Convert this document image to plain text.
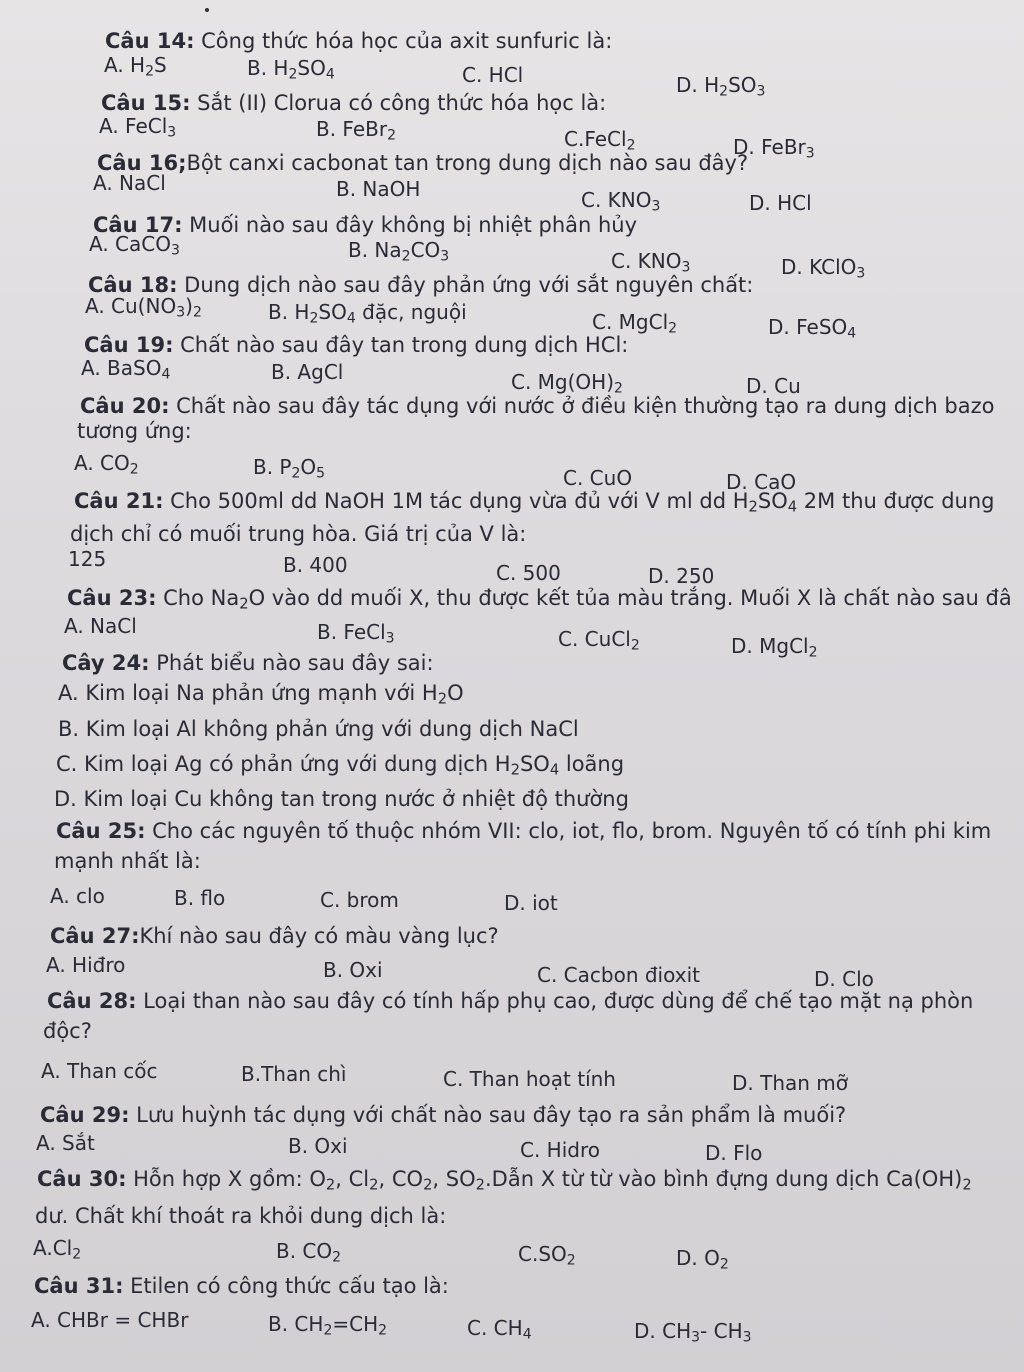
Câu 14: Công thức hóa học của axit sunfuric là:
A. $H_2S$	B. $H_2SO_4$	C. HCl	D. $H_2SO_3$
Câu 15: Sắt (II) Clorua có công thức hóa học là:
A. FeCl$_3$	B. FeBr$_2$	C.FeCl$_2$	D. FeBr$_3$
Câu 16;Bột canxi cacbonat tan trong dung dịch nào sau đây?
A. NaCl	B. NaOH	C. $KNO_3$	D. HCl
Câu 17: Muối nào sau đây không bị nhiệt phân hủy
A. CaCO$_3$	B. $Na_2CO_3$	C. $KNO_3$	D. KClO$_3$
Câu 18: Dung dịch nào sau đây phản ứng với sắt nguyên chất:
A. $Cu(NO_3)_2$	B. $H_2SO_4$ đặc, nguội	C. MgCl$_2$	D. FeSO$_4$
Câu 19: Chất nào sau đây tan trong dung dịch HCl:
A. BaSO$_4$	B. AgCl	C. $Mg(OH)_2$	D. Cu
Câu 20: Chất nào sau đây tác dụng với nước ở điều kiện thường tạo ra dung dịch bazo
tương ứng:
A. $CO_2$	B. $P_2O_5$	C. CuO	D. CaO
Câu 21: Cho 500ml dd NaOH 1M tác dụng vừa đủ với V ml dd $H_2SO_4$ 2M thu được dung
dịch chỉ có muối trung hòa. Giá trị của V là:
125	B. 400	C. 500	D. 250
Câu 23: Cho $Na_2O$ vào dd muối X, thu được kết tủa màu trắng. Muối X là chất nào sau đâ
A. NaCl	B. FeCl$_3$	C. CuCl$_2$	D. MgCl$_2$
Cây 24: Phát biểu nào sau đây sai:
A. Kim loại Na phản ứng mạnh với $H_2O$
B. Kim loại Al không phản ứng với dung dịch NaCl
C. Kim loại Ag có phản ứng với dung dịch $H_2SO_4$ loãng
D. Kim loại Cu không tan trong nước ở nhiệt độ thường
Câu 25: Cho các nguyên tố thuộc nhóm VII: clo, iot, flo, brom. Nguyên tố có tính phi kim
mạnh nhất là:
A. clo	B. flo	C. brom	D. iot
Câu 27:Khí nào sau đây có màu vàng lục?
A. Hiđro	B. Oxi	C. Cacbon đioxit	D. Clo
Câu 28: Loại than nào sau đây có tính hấp phụ cao, được dùng để chế tạo mặt nạ phòn
độc?
A. Than cốc	B.Than chì	C. Than hoạt tính	D. Than mỡ
Câu 29: Lưu huỳnh tác dụng với chất nào sau đây tạo ra sản phẩm là muối?
A. Sắt	B. Oxi	C. Hidro	D. Flo
Câu 30: Hỗn hợp X gồm: $O_2$, $Cl_2$, $CO_2$, $SO_2.Dẫn$ X từ từ vào bình đựng dung dịch $Ca(OH)_2$
dư. Chất khí thoát ra khỏi dung dịch là:
$A.Cl_2$	B. $CO_2$	$C.SO_2$	D. $O_2$
Câu 31: Etilen có công thức cấu tạo là:
A. CHBr = CHBr	B. $CH_2=CH_2$	C. $CH_4$	D. $CH_3-$ $CH_3$
